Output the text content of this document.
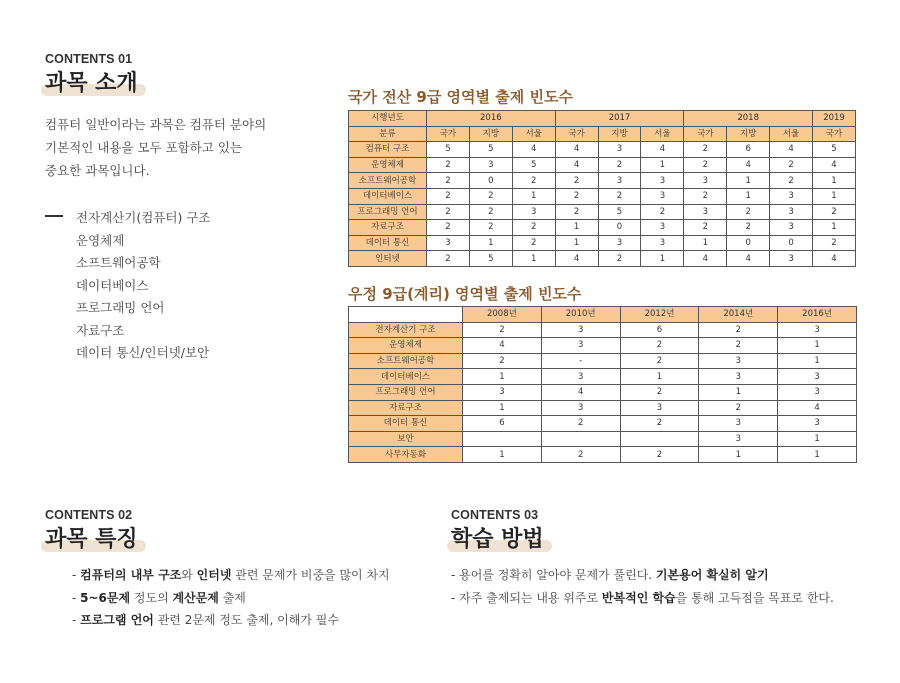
CONTENTS 01
과목 소개
컴퓨터 일반이라는 과목은 컴퓨터 분야의
기본적인 내용을 모두 포함하고 있는
중요한 과목입니다.
전자계산기(컴퓨터) 구조
운영체제
소프트웨어공학
데이터베이스
프로그래밍 언어
자료구조
데이터 통신/인터넷/보안
국가 전산 9급 영역별 출제 빈도수
시행년도	2016			2017			2018			2019
분류	국가	지방	서울	국가	지방	서울	국가	지방	서울	국가
컴퓨터 구조	5	5	4	4	3	4	2	6	4	5
운영체제	2	3	5	4	2	1	2	4	2	4
소프트웨어공학	2	0	2	2	3	3	3	1	2	1
데이터베이스	2	2	1	2	2	3	2	1	3	1
프로그래밍 언어	2	2	3	2	5	2	3	2	3	2
자료구조	2	2	2	1	0	3	2	2	3	1
데이터 통신	3	1	2	1	3	3	1	0	0	2
인터넷	2	5	1	4	2	1	4	4	3	4
우정 9급(계리) 영역별 출제 빈도수
	2008년	2010년	2012년	2014년	2016년
전자계산기 구조	2	3	6	2	3
운영체제	4	3	2	2	1
소프트웨어공학	2	-	2	3	1
데이터베이스	1	3	1	3	3
프로그래밍 언어	3	4	2	1	3
자료구조	1	3	3	2	4
데이터 통신	6	2	2	3	3
보안				3	1
사무자동화	1	2	2	1	1
CONTENTS 02
과목 특징
- 컴퓨터의 내부 구조와 인터넷 관련 문제가 비중을 많이 차지
- 5~6문제 정도의 계산문제 출제
- 프로그램 언어 관련 2문제 정도 출제, 이해가 필수
CONTENTS 03
학습 방법
- 용어를 정확히 알아야 문제가 풀린다. 기본용어 확실히 알기
- 자주 출제되는 내용 위주로 반복적인 학습을 통해 고득점을 목표로 한다.
